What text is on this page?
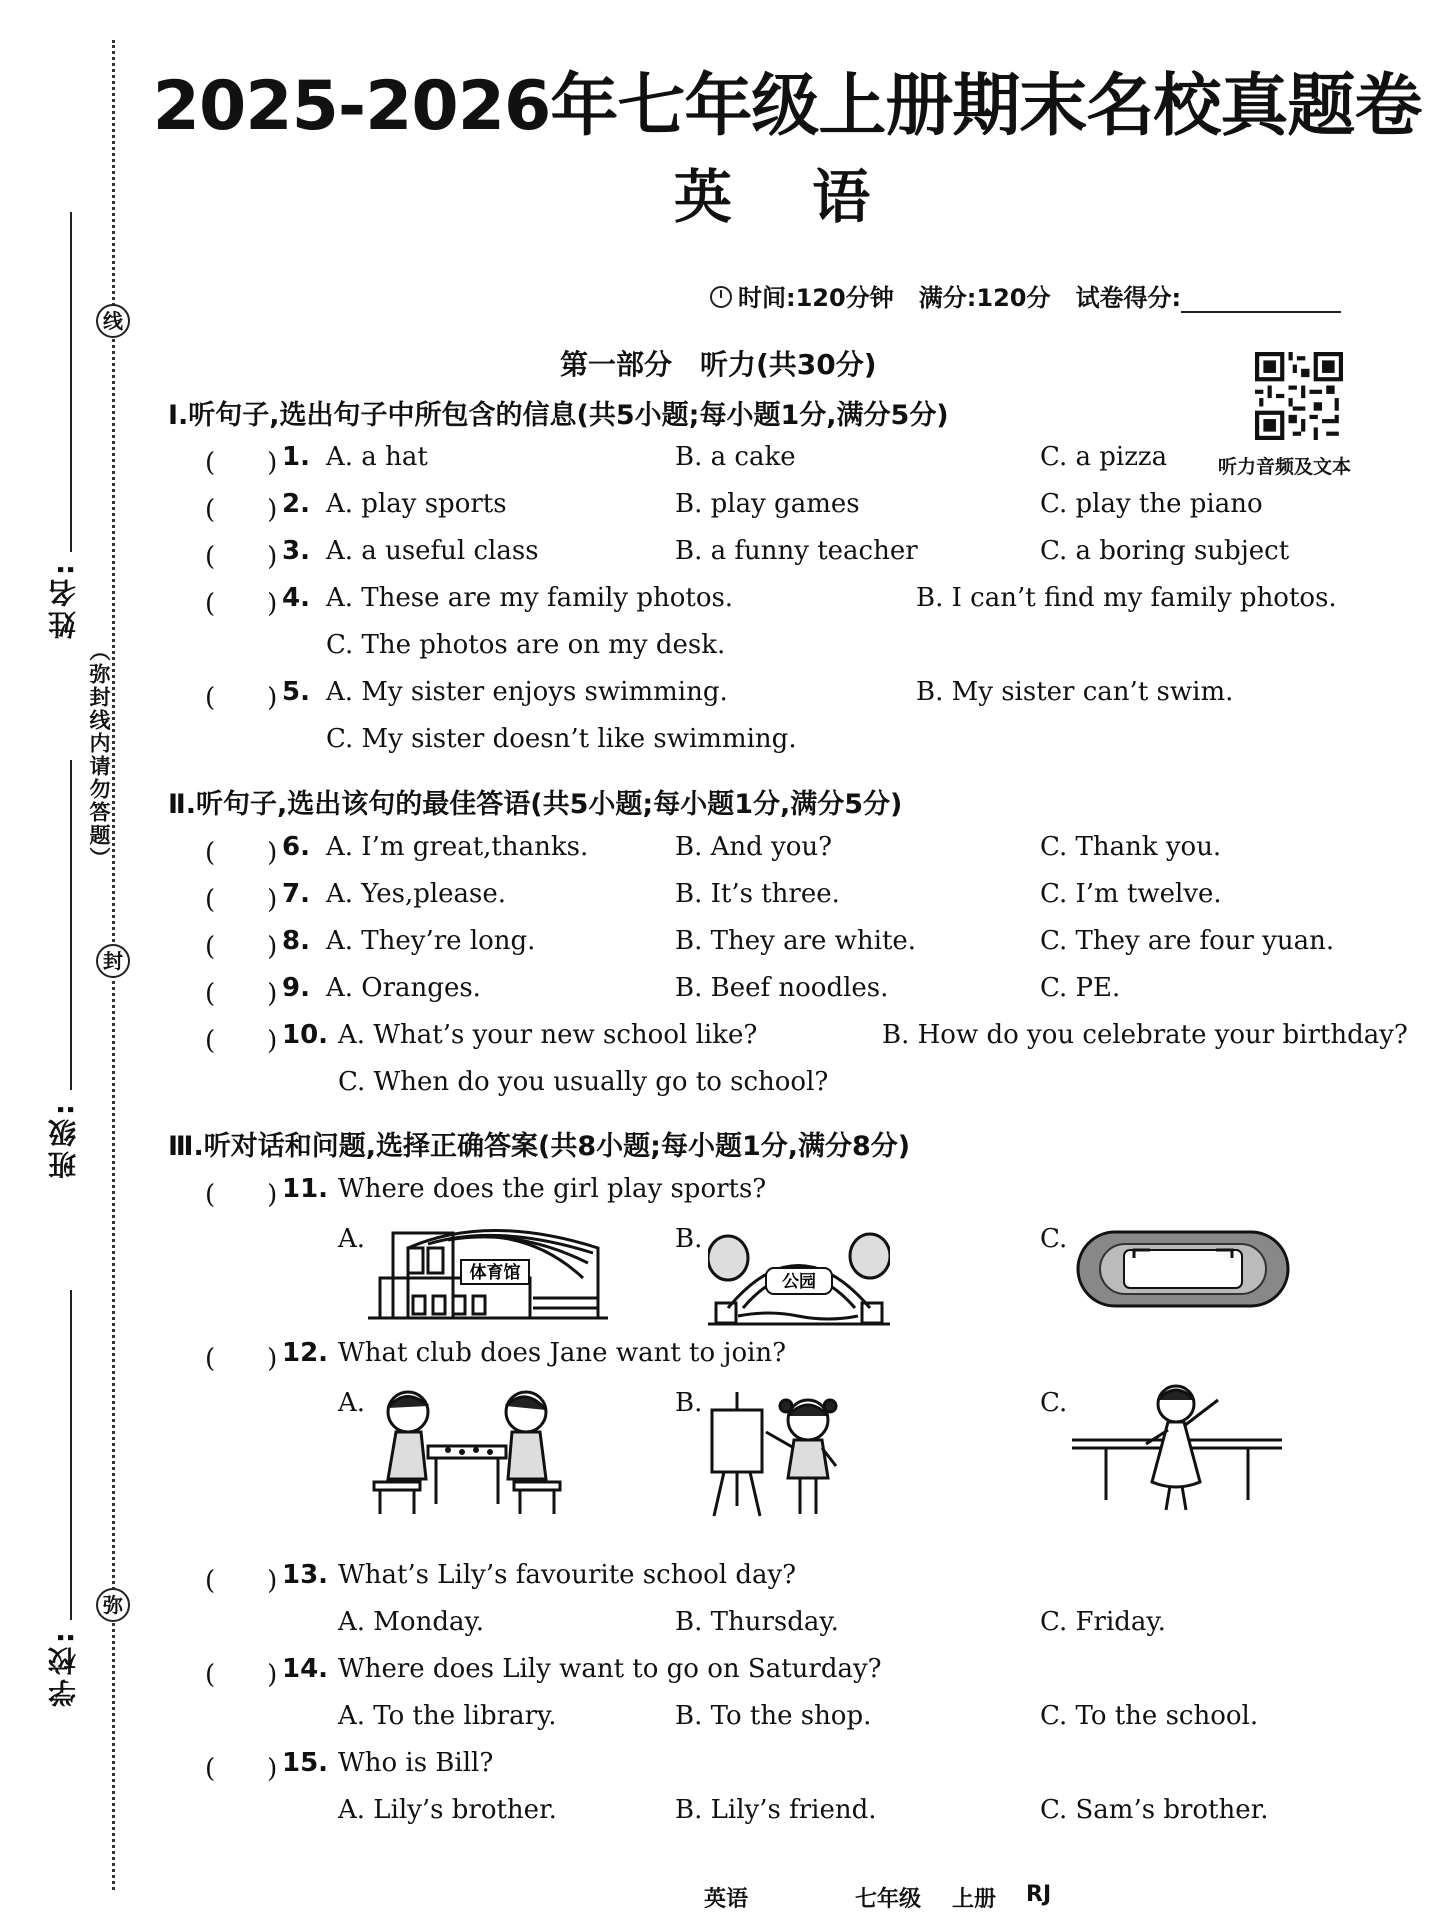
线
封
弥
（弥封线内请勿答题）
姓名:
班级:
学校:
2025-2026年七年级上册期末名校真题卷
英 语
时间:120分钟 满分:120分 试卷得分:
第一部分　听力(共30分)
听力音频及文本
Ⅰ.听句子,选出句子中所包含的信息(共5小题;每小题1分,满分5分)
(　　) 1. A. a hat	B. a cake	C. a pizza
(　　) 2. A. play sports	B. play games	C. play the piano
(　　) 3. A. a useful class	B. a funny teacher	C. a boring subject
(　　) 4. A. These are my family photos.	B. I can’t find my family photos.
C. The photos are on my desk.
(　　) 5. A. My sister enjoys swimming.	B. My sister can’t swim.
C. My sister doesn’t like swimming.
Ⅱ.听句子,选出该句的最佳答语(共5小题;每小题1分,满分5分)
(　　) 6. A. I’m great,thanks.	B. And you?	C. Thank you.
(　　) 7. A. Yes,please.	B. It’s three.	C. I’m twelve.
(　　) 8. A. They’re long.	B. They are white.	C. They are four yuan.
(　　) 9. A. Oranges.	B. Beef noodles.	C. PE.
(　　) 10. A. What’s your new school like?	B. How do you celebrate your birthday?
C. When do you usually go to school?
Ⅲ.听对话和问题,选择正确答案(共8小题;每小题1分,满分8分)
(　　) 11. Where does the girl play sports?
A.	B.	C.
体育馆	公园
(　　) 12. What club does Jane want to join?
A.	B.	C.
(　　) 13. What’s Lily’s favourite school day?
A. Monday.	B. Thursday.	C. Friday.
(　　) 14. Where does Lily want to go on Saturday?
A. To the library.	B. To the shop.	C. To the school.
(　　) 15. Who is Bill?
A. Lily’s brother.	B. Lily’s friend.	C. Sam’s brother.
英语	七年级 上册 RJ
